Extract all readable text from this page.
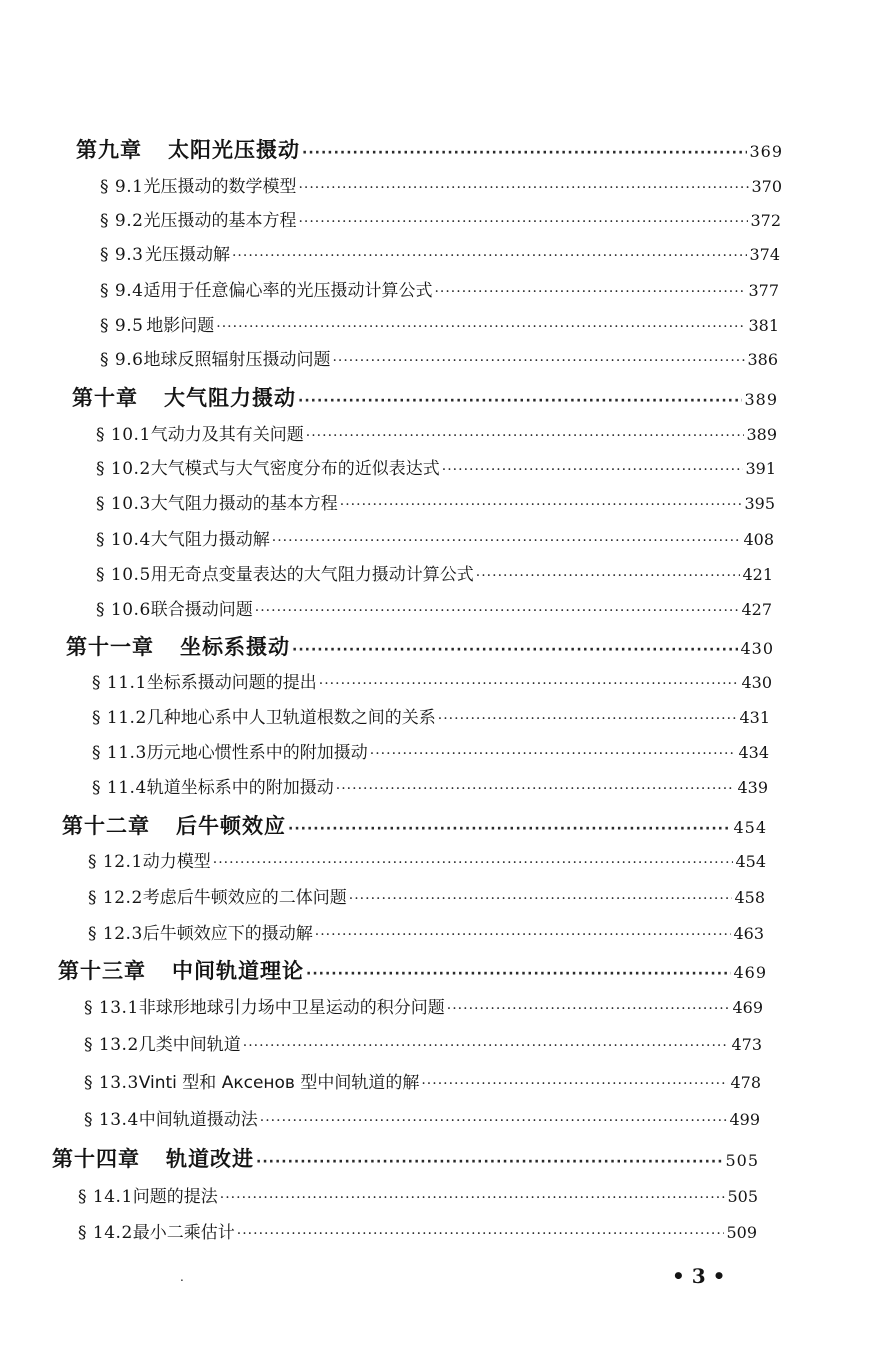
第九章 太阳光压摄动 ·····	369
§ 9.1 光压摄动的数学模型 ·····	370
§ 9.2 光压摄动的基本方程 ·····	372
§ 9.3 光压摄动解 ·····	374
§ 9.4 适用于任意偏心率的光压摄动计算公式 ·····	377
§ 9.5 地影问题 ·····	381
§ 9.6 地球反照辐射压摄动问题 ·····	386
第十章 大气阻力摄动 ·····	389
§ 10.1 气动力及其有关问题 ·····	389
§ 10.2 大气模式与大气密度分布的近似表达式 ·····	391
§ 10.3 大气阻力摄动的基本方程 ·····	395
§ 10.4 大气阻力摄动解 ·····	408
§ 10.5 用无奇点变量表达的大气阻力摄动计算公式 ·····	421
§ 10.6 联合摄动问题 ·····	427
第十一章 坐标系摄动 ·····	430
§ 11.1 坐标系摄动问题的提出 ·····	430
§ 11.2 几种地心系中人卫轨道根数之间的关系 ·····	431
§ 11.3 历元地心惯性系中的附加摄动 ·····	434
§ 11.4 轨道坐标系中的附加摄动 ·····	439
第十二章 后牛顿效应 ·····	454
§ 12.1 动力模型 ·····	454
§ 12.2 考虑后牛顿效应的二体问题 ·····	458
§ 12.3 后牛顿效应下的摄动解 ·····	463
第十三章 中间轨道理论 ·····	469
§ 13.1 非球形地球引力场中卫星运动的积分问题 ·····	469
§ 13.2 几类中间轨道 ·····	473
§ 13.3 Vinti 型和 Аксенов 型中间轨道的解 ·····	478
§ 13.4 中间轨道摄动法 ·····	499
第十四章 轨道改进 ·····	505
§ 14.1 问题的提法 ·····	505
§ 14.2 最小二乘估计 ·····	509
.	• 3 •
